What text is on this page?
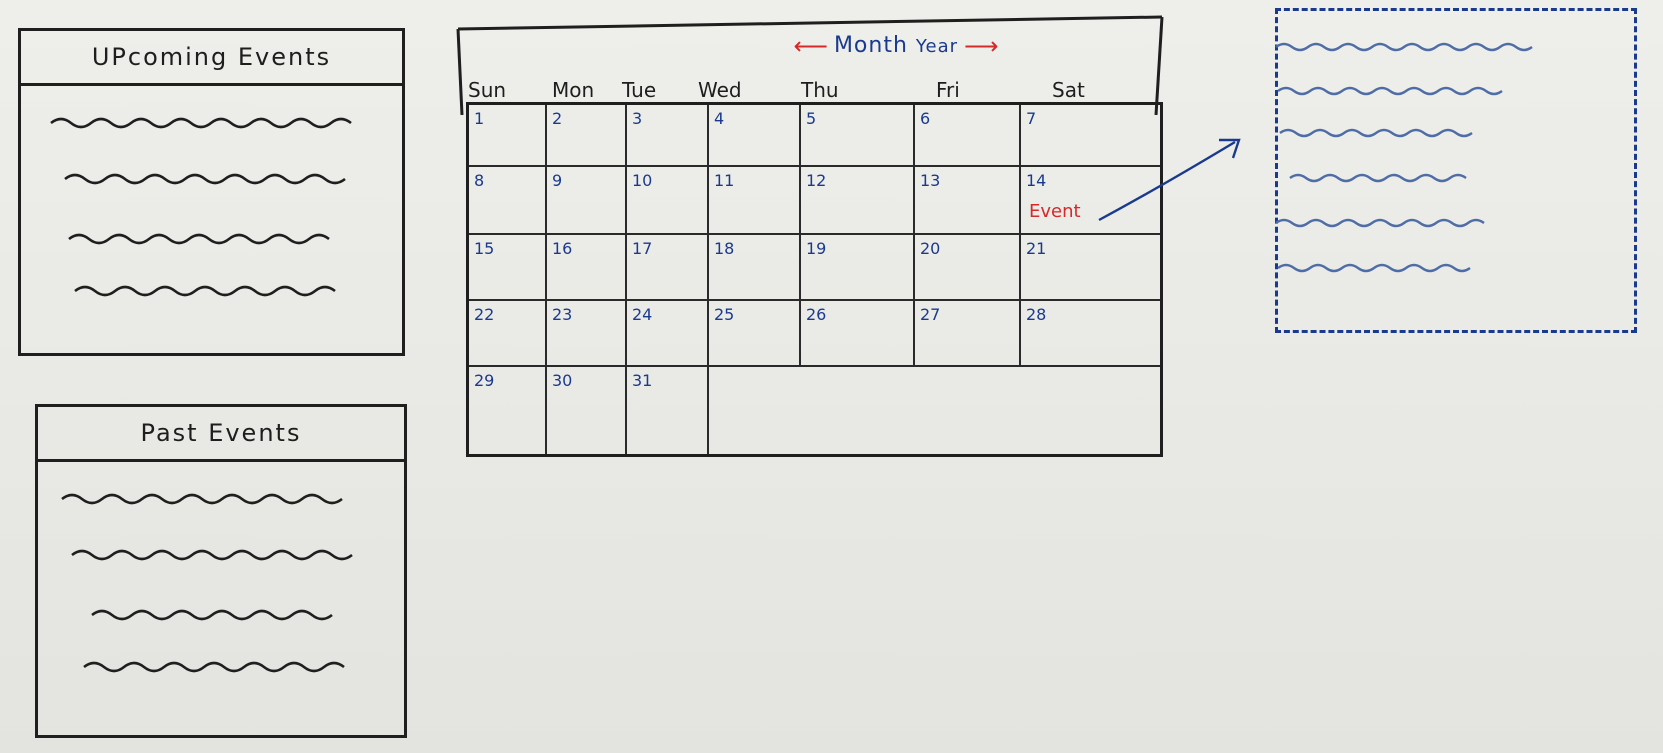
UPcoming Events
Past Events
⟵ Month Year ⟶
Sun Mon Tue Wed	Thu	Fri	Sat
1	2	3	4	5	6	7
8	9	10	11	12	13	14
Event
15	16	17	18	19	20	21
22	23	24	25	26	27	28
29	30	31
